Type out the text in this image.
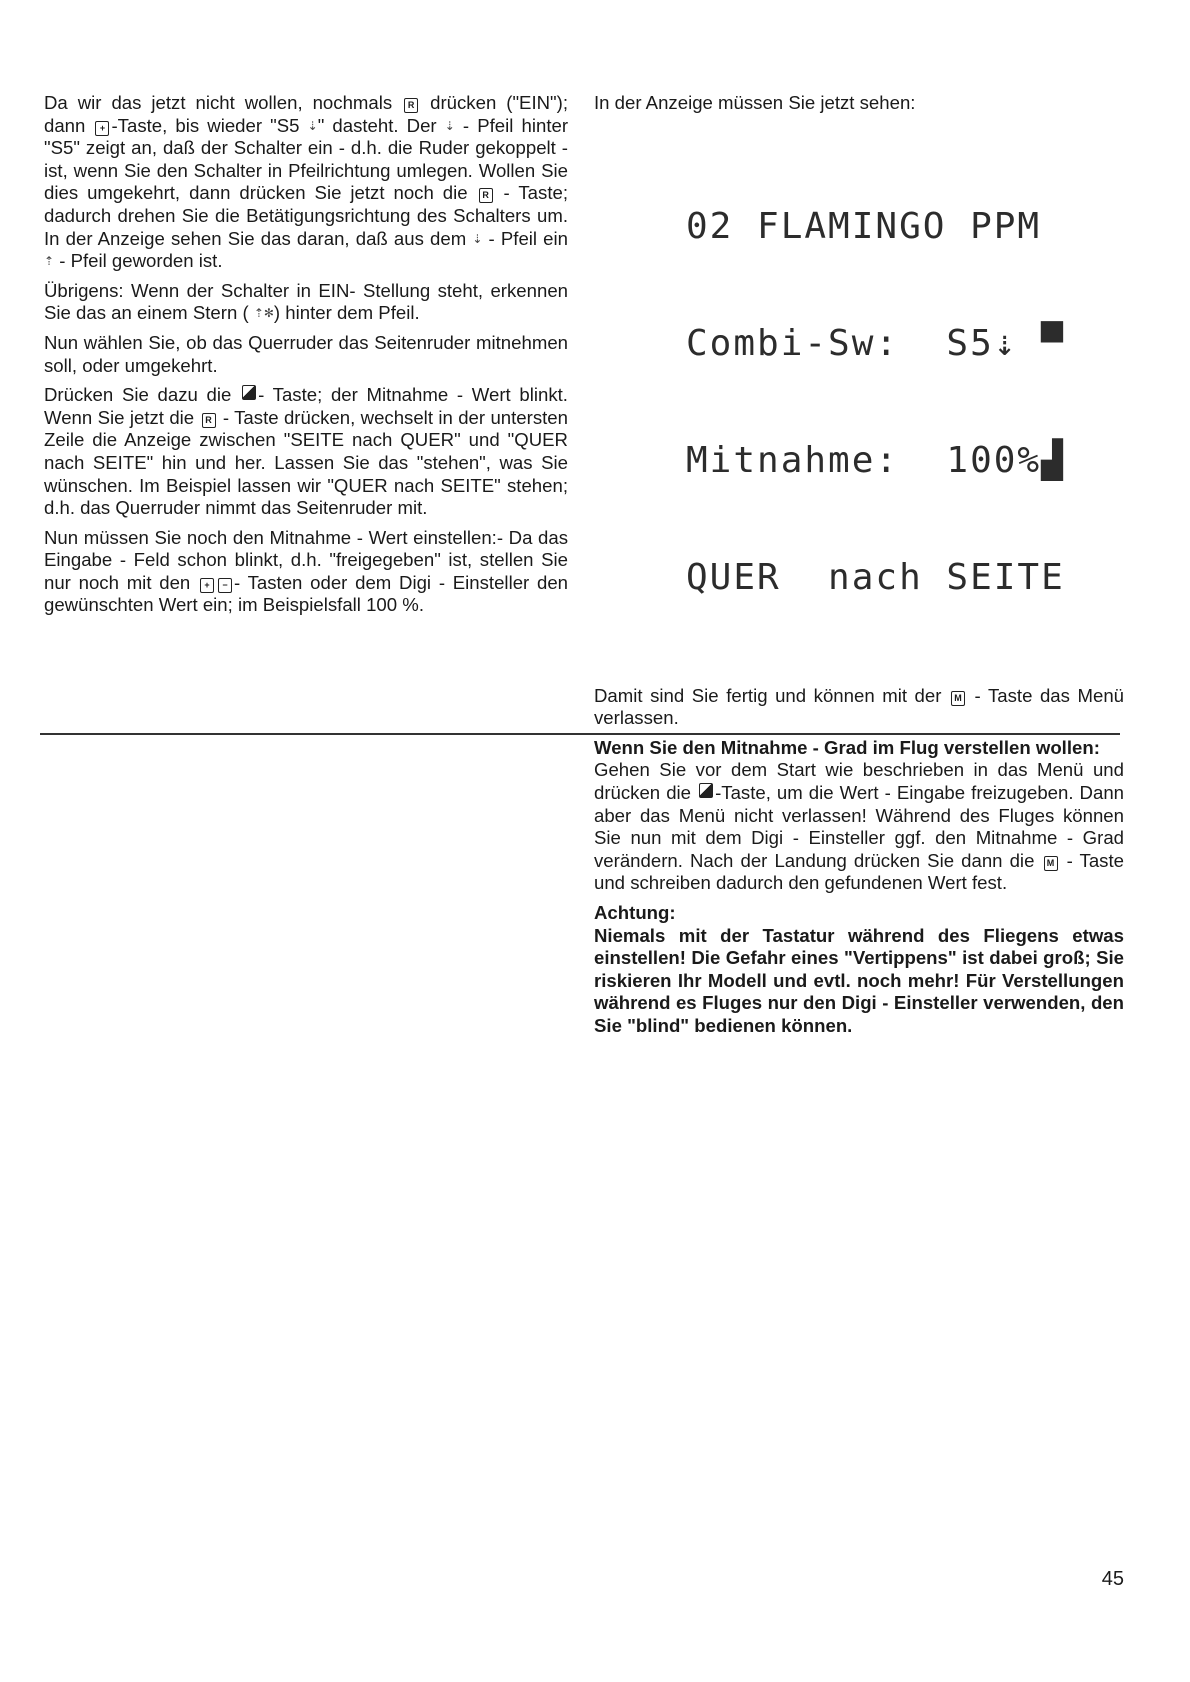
Da wir das jetzt nicht wollen, nochmals R drücken ("EIN"); dann + -Taste, bis wieder "S5 ⇣" dasteht. Der ⇣ - Pfeil hinter "S5" zeigt an, daß der Schalter ein - d.h. die Ruder gekoppelt - ist, wenn Sie den Schalter in Pfeilrichtung umlegen. Wollen Sie dies umgekehrt, dann drücken Sie jetzt noch die R - Taste; dadurch drehen Sie die Betätigungsrichtung des Schalters um. In der Anzeige sehen Sie das daran, daß aus dem ⇣ - Pfeil ein ⇡ - Pfeil geworden ist.

Übrigens: Wenn der Schalter in EIN- Stellung steht, erkennen Sie das an einem Stern ( ⇡✻) hinter dem Pfeil.

Nun wählen Sie, ob das Querruder das Seitenruder mitnehmen soll, oder umgekehrt.

Drücken Sie dazu die - Taste; der Mitnahme - Wert blinkt. Wenn Sie jetzt die R - Taste drücken, wechselt in der untersten Zeile die Anzeige zwischen "SEITE nach QUER" und "QUER nach SEITE" hin und her. Lassen Sie das "stehen", was Sie wünschen. Im Beispiel lassen wir "QUER nach SEITE" stehen; d.h. das Querruder nimmt das Seitenruder mit.

Nun müssen Sie noch den Mitnahme - Wert einstellen:- Da das Eingabe - Feld schon blinkt, d.h. "freigegeben" ist, stellen Sie nur noch mit den + − - Tasten oder dem Digi - Einsteller den gewünschten Wert ein; im Beispielsfall 100 %.

In der Anzeige müssen Sie jetzt sehen:

02 FLAMINGO PPM

Combi-Sw:  S5⇣ ▀

Mitnahme:  100%▟

QUER  nach SEITE

Damit sind Sie fertig und können mit der M - Taste das Menü verlassen.

Wenn Sie den Mitnahme - Grad im Flug verstellen wollen:

Gehen Sie vor dem Start wie beschrieben in das Menü und drücken die -Taste, um die Wert - Eingabe freizugeben. Dann aber das Menü nicht verlassen! Während des Fluges können Sie nun mit dem Digi - Einsteller ggf. den Mitnahme - Grad verändern. Nach der Landung drücken Sie dann die M - Taste und schreiben dadurch den gefundenen Wert fest.

Achtung:

Niemals mit der Tastatur während des Fliegens etwas einstellen! Die Gefahr eines "Vertippens" ist dabei groß; Sie riskieren Ihr Modell und evtl. noch mehr! Für Verstellungen während es Fluges nur den Digi - Einsteller verwenden, den Sie "blind" bedienen können.

45
